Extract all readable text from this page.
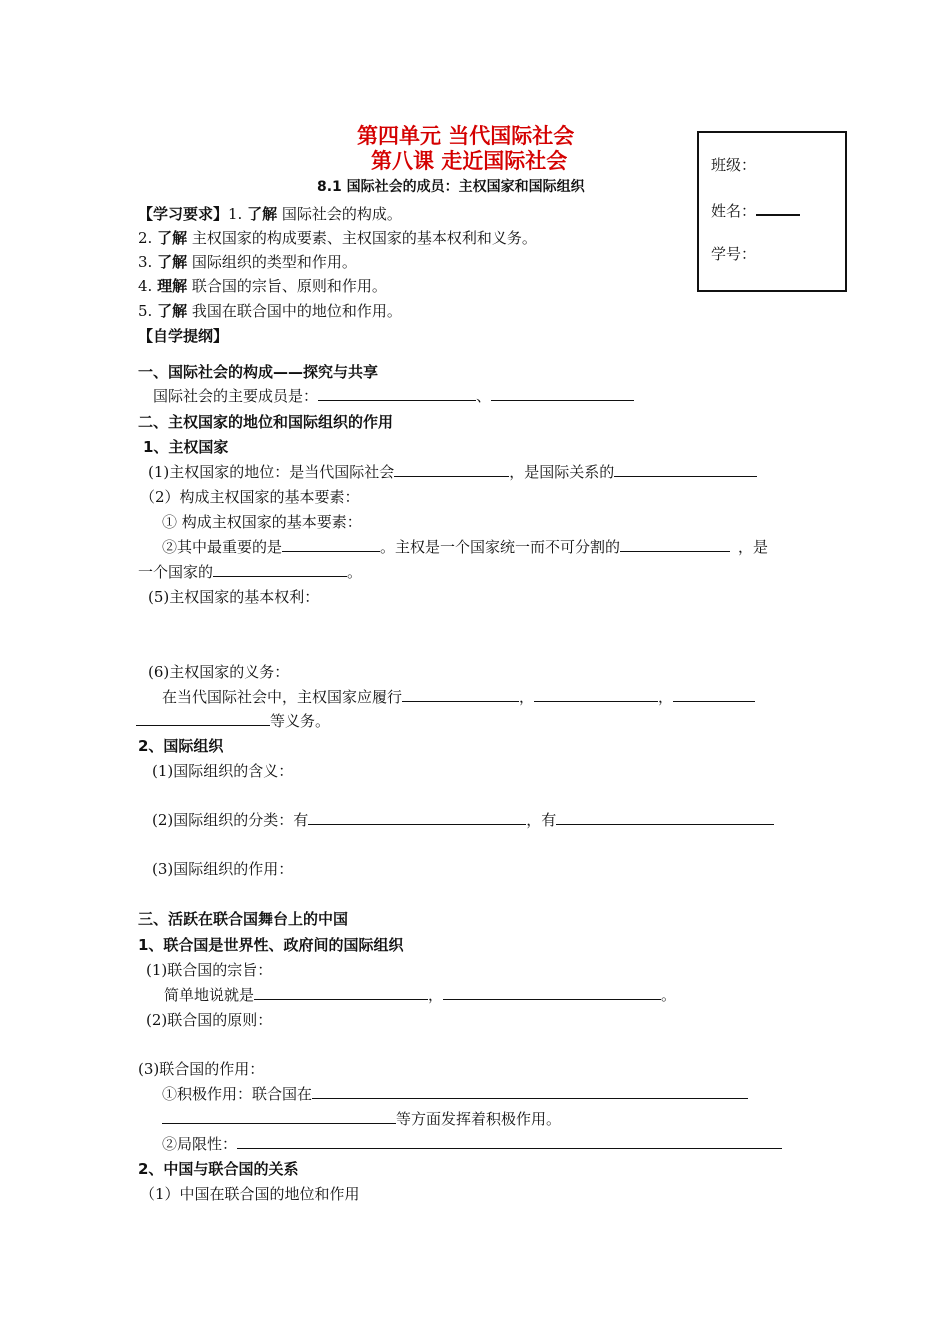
第四单元 当代国际社会
第八课 走近国际社会
8.1 国际社会的成员：主权国家和国际组织
班级：
姓名：
学号：
【学习要求】1. 了解 国际社会的构成。
2. 了解 主权国家的构成要素、主权国家的基本权利和义务。
3. 了解 国际组织的类型和作用。
4. 理解 联合国的宗旨、原则和作用。
5. 了解 我国在联合国中的地位和作用。
【自学提纲】
一、国际社会的构成——探究与共享
国际社会的主要成员是：	、
二、主权国家的地位和国际组织的作用
1、主权国家
(1)主权国家的地位：是当代国际社会	，是国际关系的
（2）构成主权国家的基本要素：
① 构成主权国家的基本要素：
②其中最重要的是	。主权是一个国家统一而不可分割的	，是
一个国家的	。
(5)主权国家的基本权利：
(6)主权国家的义务：
在当代国际社会中，主权国家应履行	，	，
等义务。
2、国际组织
(1)国际组织的含义：
(2)国际组织的分类：有	，有
(3)国际组织的作用：
三、活跃在联合国舞台上的中国
1、联合国是世界性、政府间的国际组织
(1)联合国的宗旨：
简单地说就是	，	。
(2)联合国的原则：
(3)联合国的作用：
①积极作用：联合国在
等方面发挥着积极作用。
②局限性：
2、中国与联合国的关系
（1）中国在联合国的地位和作用
